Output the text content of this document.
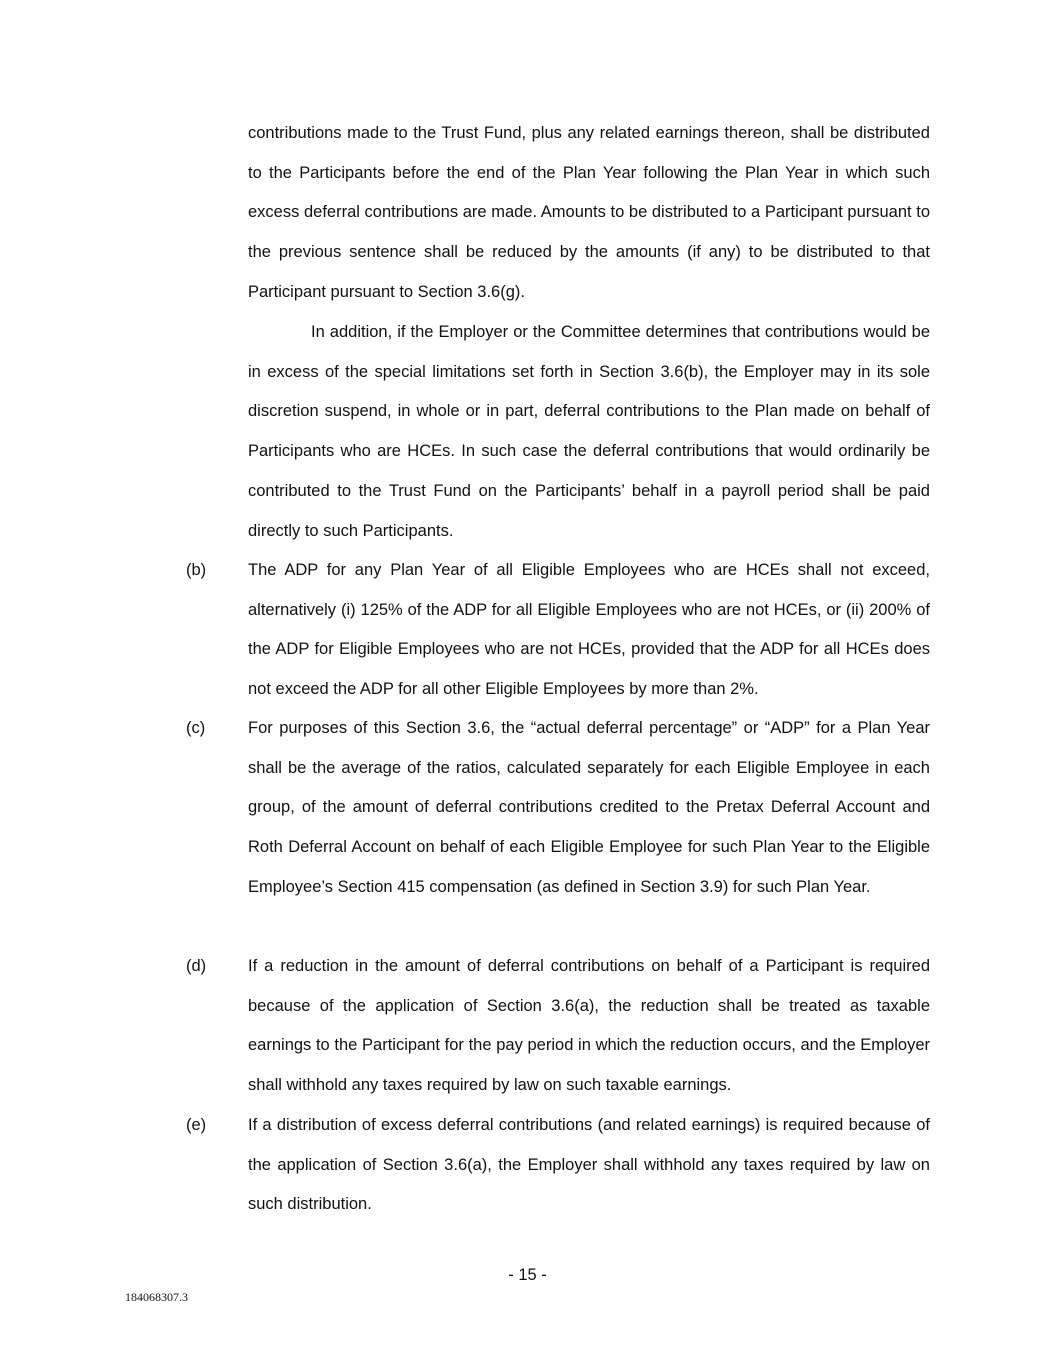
contributions made to the Trust Fund, plus any related earnings thereon, shall be distributed to the Participants before the end of the Plan Year following the Plan Year in which such excess deferral contributions are made. Amounts to be distributed to a Participant pursuant to the previous sentence shall be reduced by the amounts (if any) to be distributed to that Participant pursuant to Section 3.6(g).

In addition, if the Employer or the Committee determines that contributions would be in excess of the special limitations set forth in Section 3.6(b), the Employer may in its sole discretion suspend, in whole or in part, deferral contributions to the Plan made on behalf of Participants who are HCEs. In such case the deferral contributions that would ordinarily be contributed to the Trust Fund on the Participants’ behalf in a payroll period shall be paid directly to such Participants.

(b)	The ADP for any Plan Year of all Eligible Employees who are HCEs shall not exceed, alternatively (i) 125% of the ADP for all Eligible Employees who are not HCEs, or (ii) 200% of the ADP for Eligible Employees who are not HCEs, provided that the ADP for all HCEs does not exceed the ADP for all other Eligible Employees by more than 2%.

(c)	For purposes of this Section 3.6, the “actual deferral percentage” or “ADP” for a Plan Year shall be the average of the ratios, calculated separately for each Eligible Employee in each group, of the amount of deferral contributions credited to the Pretax Deferral Account and Roth Deferral Account on behalf of each Eligible Employee for such Plan Year to the Eligible Employee’s Section 415 compensation (as defined in Section 3.9) for such Plan Year.

(d)	If a reduction in the amount of deferral contributions on behalf of a Participant is required because of the application of Section 3.6(a), the reduction shall be treated as taxable earnings to the Participant for the pay period in which the reduction occurs, and the Employer shall withhold any taxes required by law on such taxable earnings.

(e)	If a distribution of excess deferral contributions (and related earnings) is required because of the application of Section 3.6(a), the Employer shall withhold any taxes required by law on such distribution.

- 15 -
184068307.3
